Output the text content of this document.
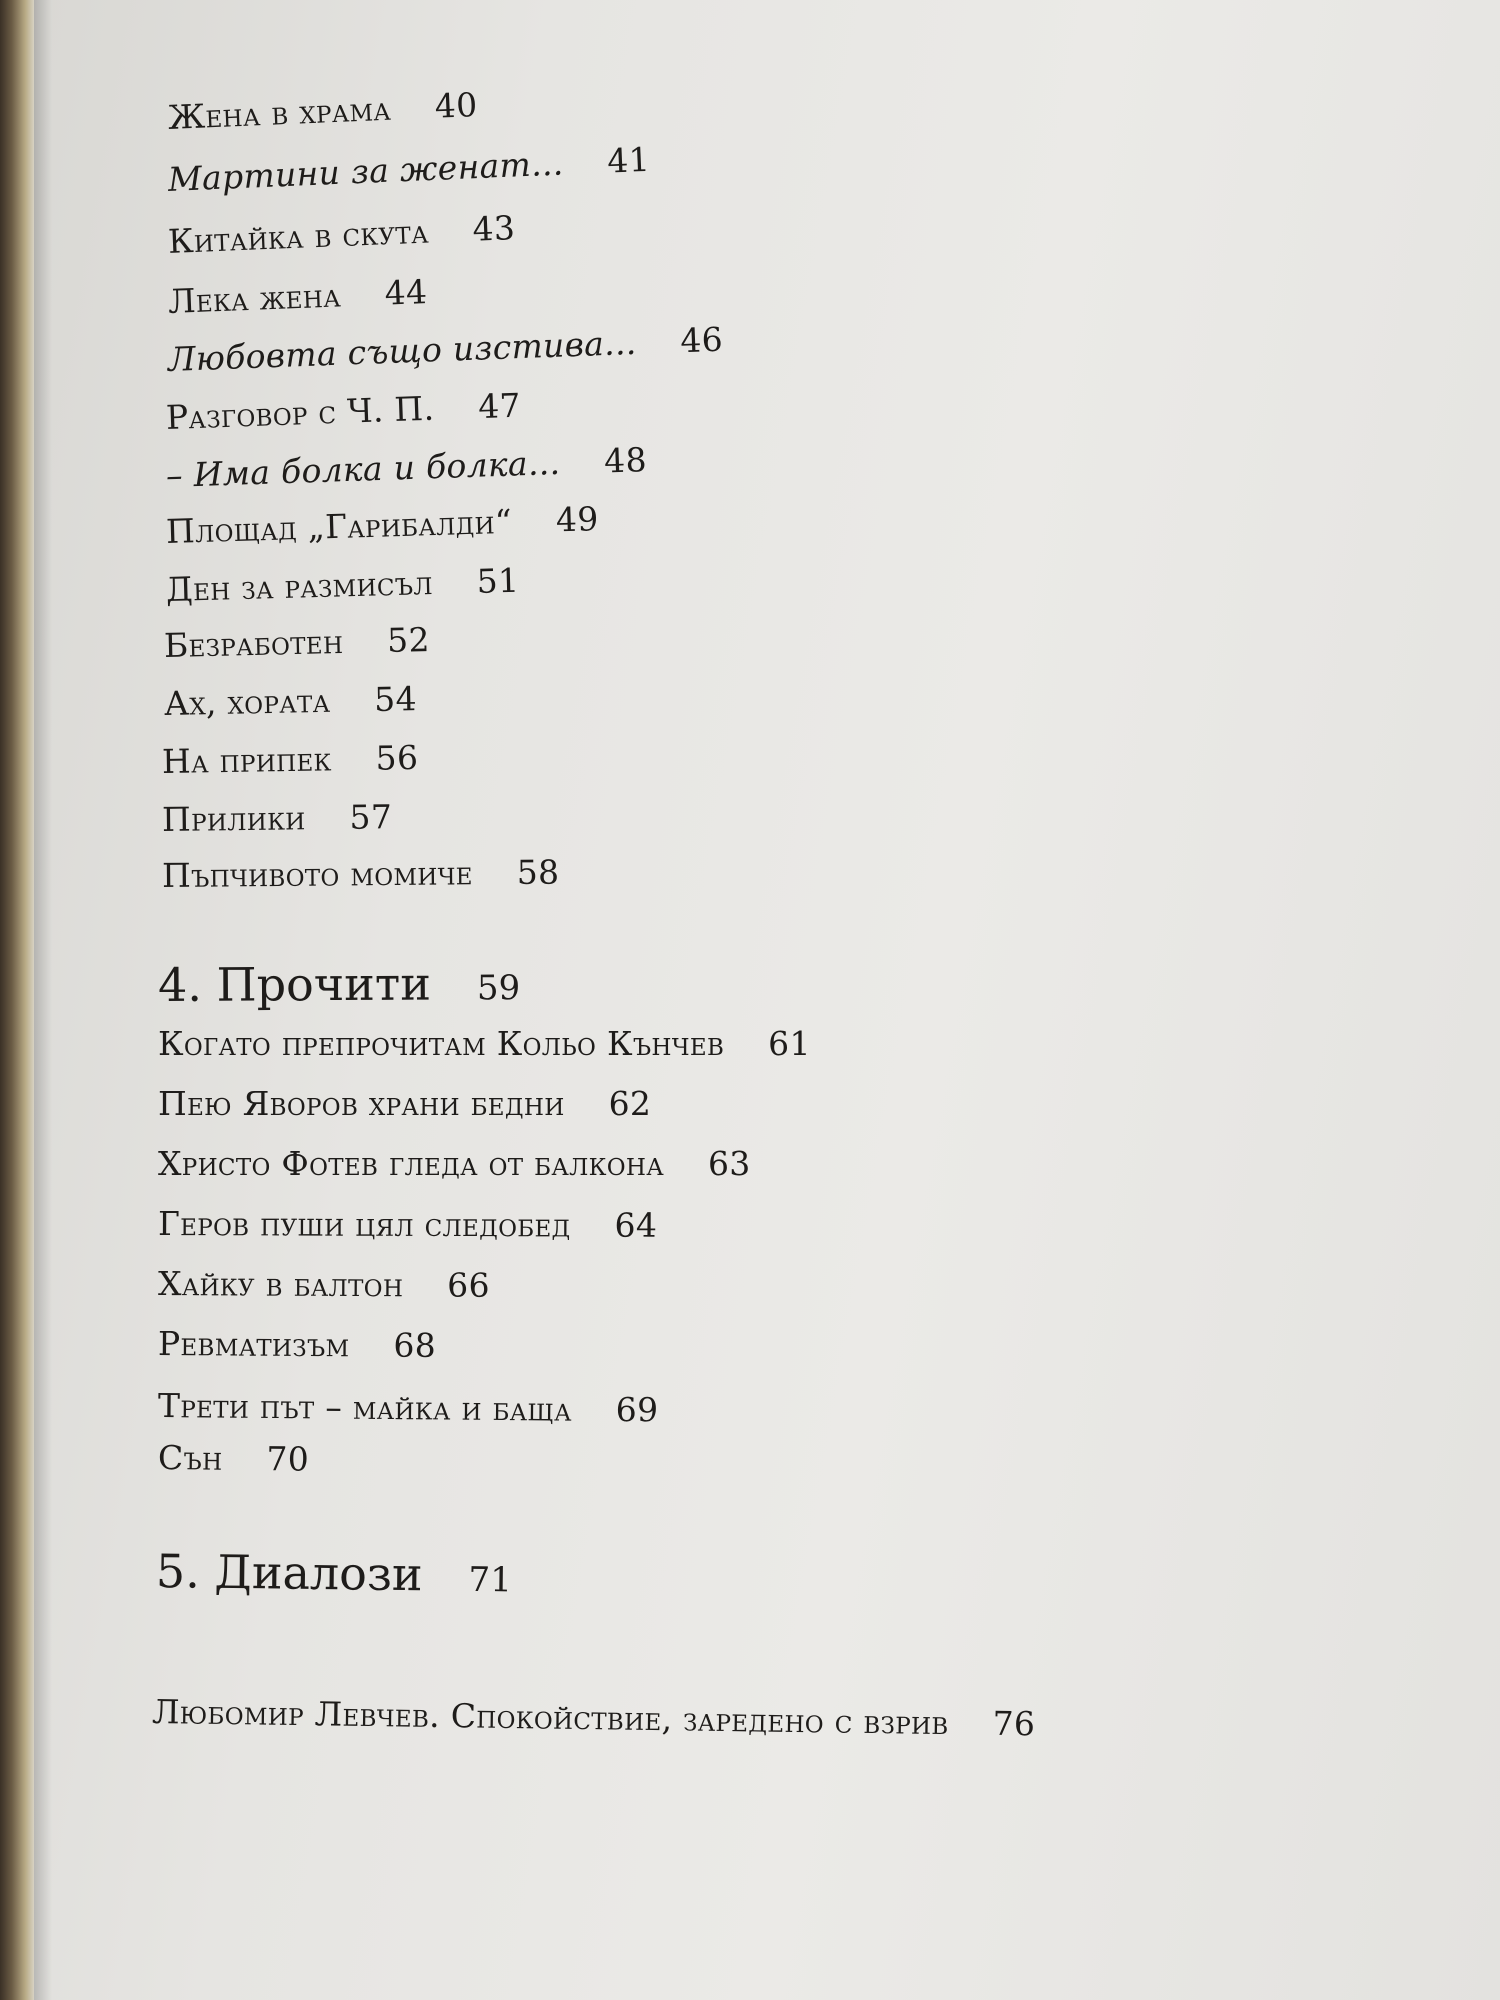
Жена в храма 40
Мартини за женат... 41
Китайка в скута 43
Лека жена 44
Любовта също изстива... 46
Разговор с Ч. П. 47
– Има болка и болка... 48
Площад „Гарибалди“ 49
Ден за размисъл 51
Безработен 52
Ах, хората 54
На припек 56
Прилики 57
Пъпчивото момиче 58
4. Прочити 59
Когато препрочитам Кольо Кънчев 61
Пею Яворов храни бедни 62
Христо Фотев гледа от балкона 63
Геров пуши цял следобед 64
Хайку в балтон 66
Ревматизъм 68
Трети път – майка и баща 69
Сън 70
5. Диалози 71
Любомир Левчев. Спокойствие, заредено с взрив 76
